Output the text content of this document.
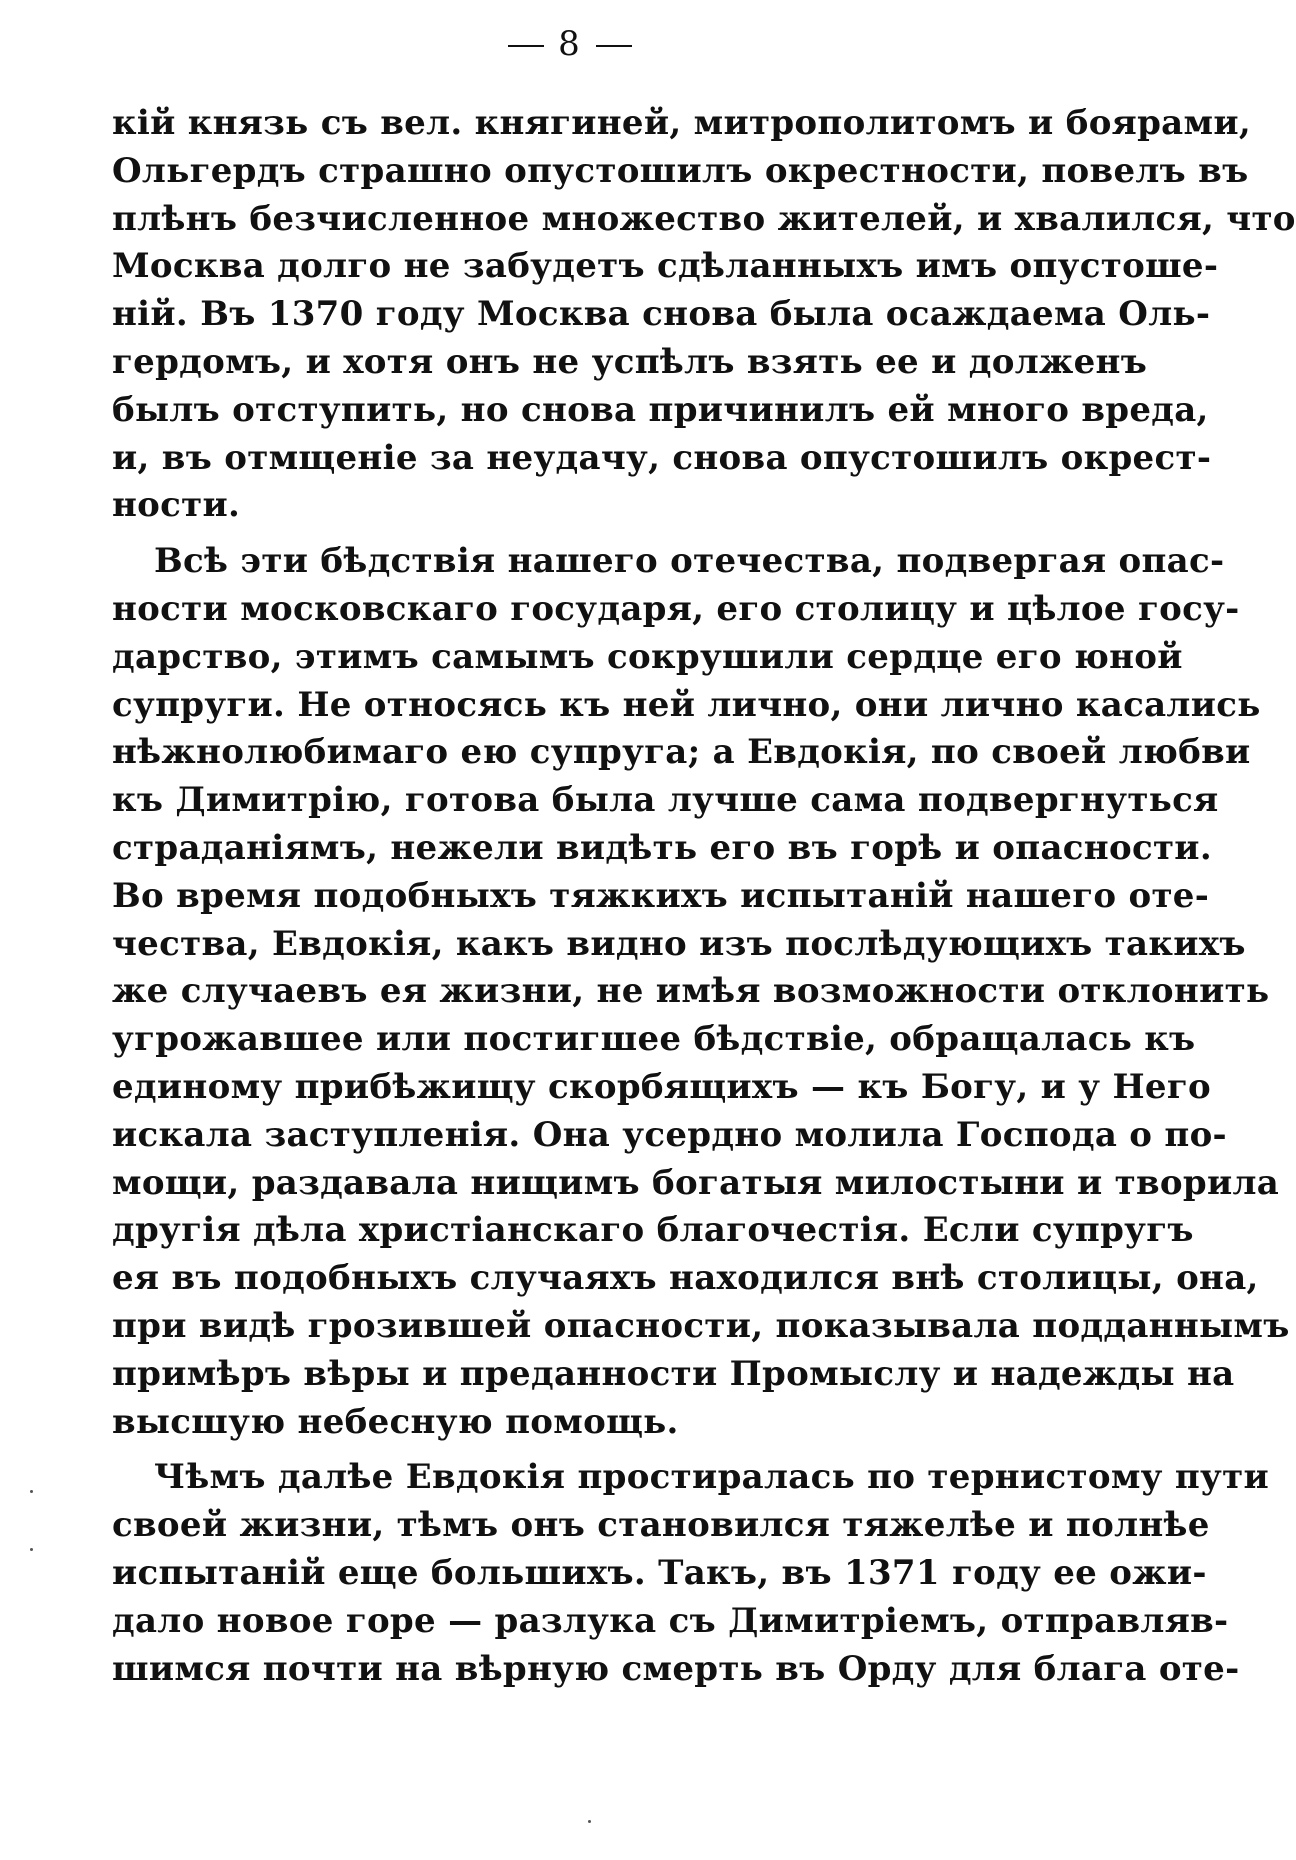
8
кій князь съ вел. княгиней, митрополитомъ и боярами,
Ольгердъ страшно опустошилъ окрестности, повелъ въ
плѣнъ безчисленное множество жителей, и хвалился, что
Москва долго не забудетъ сдѣланныхъ имъ опустоше-
ній. Въ 1370 году Москва снова была осаждаема Оль-
гердомъ, и хотя онъ не успѣлъ взять ее и долженъ
былъ отступить, но снова причинилъ ей много вреда,
и, въ отмщеніе за неудачу, снова опустошилъ окрест-
ности.
Всѣ эти бѣдствія нашего отечества, подвергая опас-
ности московскаго государя, его столицу и цѣлое госу-
дарство, этимъ самымъ сокрушили сердце его юной
супруги. Не относясь къ ней лично, они лично касались
нѣжнолюбимаго ею супруга; а Евдокія, по своей любви
къ Димитрію, готова была лучше сама подвергнуться
страданіямъ, нежели видѣть его въ горѣ и опасности.
Во время подобныхъ тяжкихъ испытаній нашего оте-
чества, Евдокія, какъ видно изъ послѣдующихъ такихъ
же случаевъ ея жизни, не имѣя возможности отклонить
угрожавшее или постигшее бѣдствіе, обращалась къ
единому прибѣжищу скорбящихъ — къ Богу, и у Него
искала заступленія. Она усердно молила Господа о по-
мощи, раздавала нищимъ богатыя милостыни и творила
другія дѣла христіанскаго благочестія. Если супругъ
ея въ подобныхъ случаяхъ находился внѣ столицы, она,
при видѣ грозившей опасности, показывала подданнымъ
примѣръ вѣры и преданности Промыслу и надежды на
высшую небесную помощь.
Чѣмъ далѣе Евдокія простиралась по тернистому пути
своей жизни, тѣмъ онъ становился тяжелѣе и полнѣе
испытаній еще большихъ. Такъ, въ 1371 году ее ожи-
дало новое горе — разлука съ Димитріемъ, отправляв-
шимся почти на вѣрную смерть въ Орду для блага оте-
